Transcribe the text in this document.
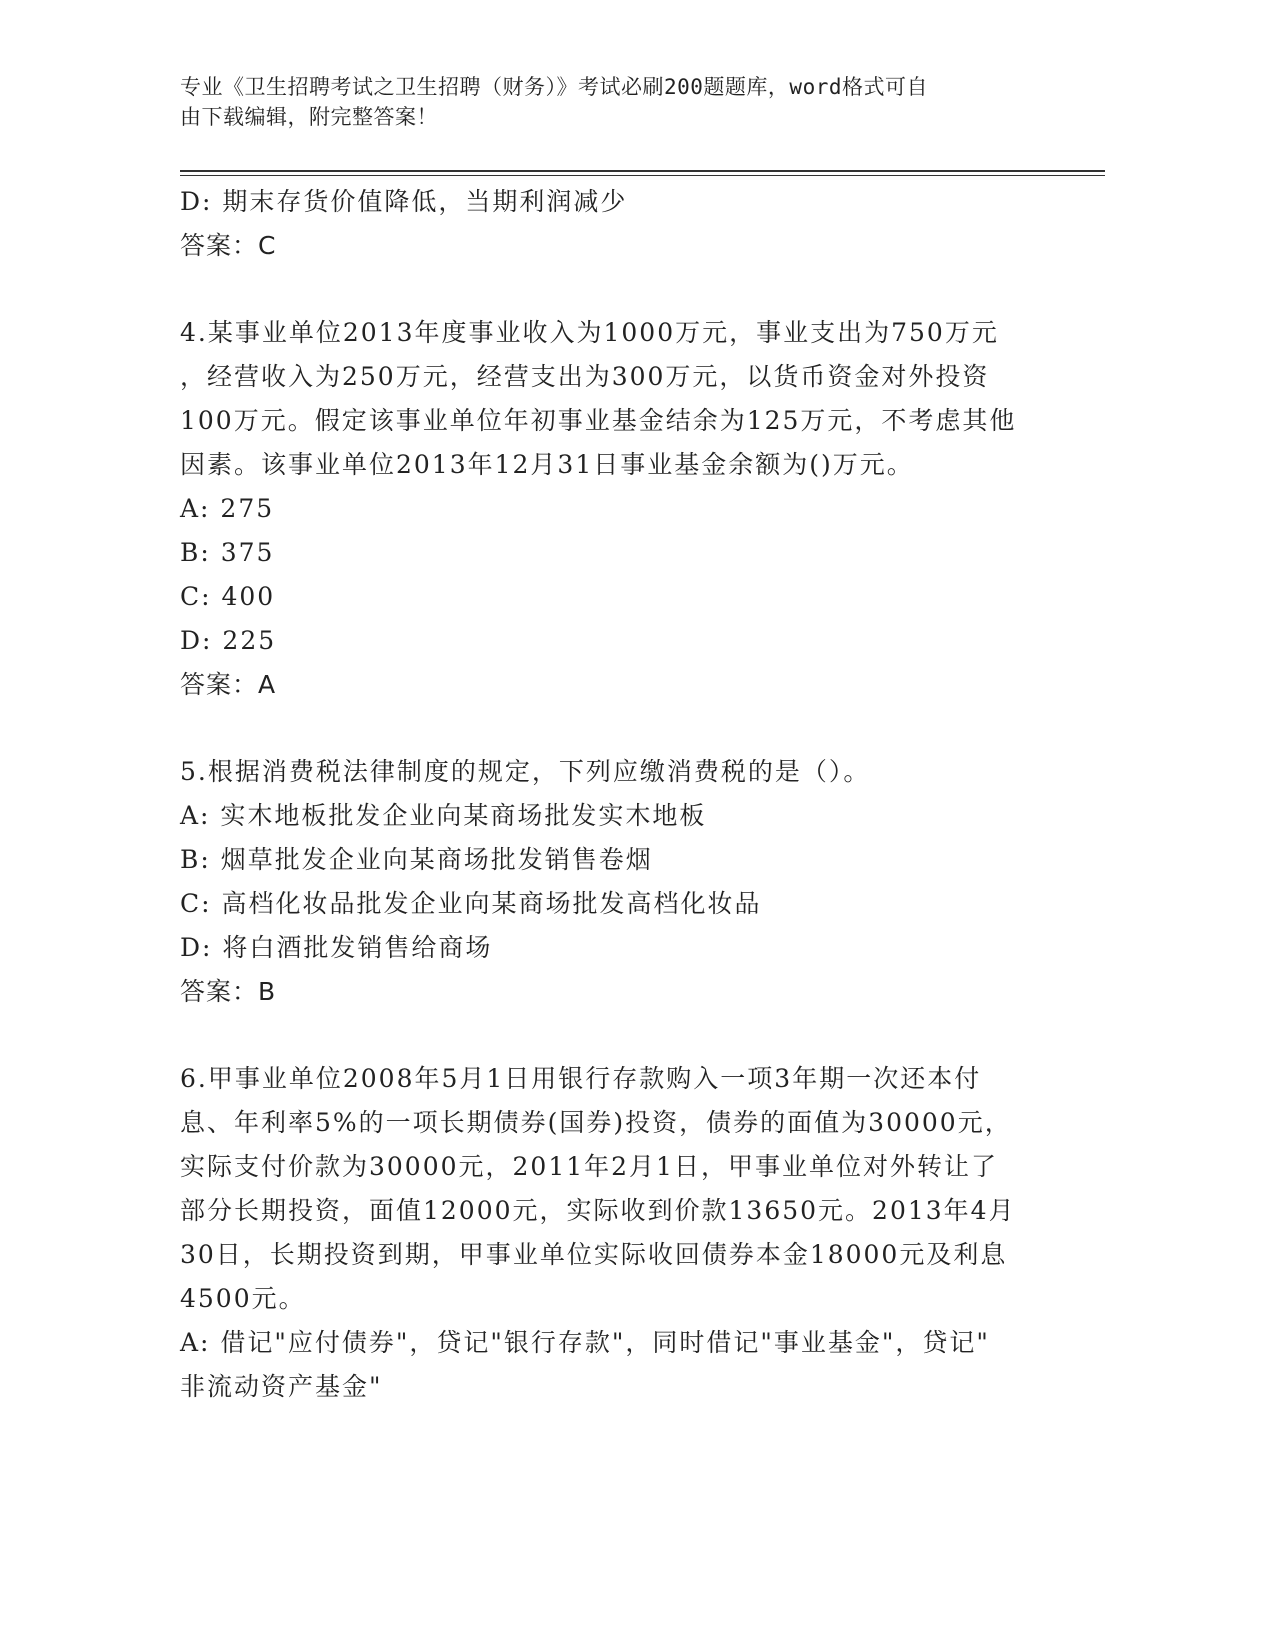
专业《卫生招聘考试之卫生招聘（财务）》考试必刷200题题库，word格式可自
由下载编辑，附完整答案！
D: 期末存货价值降低，当期利润减少
答案：C
4.某事业单位2013年度事业收入为1000万元，事业支出为750万元
，经营收入为250万元，经营支出为300万元，以货币资金对外投资
100万元。假定该事业单位年初事业基金结余为125万元，不考虑其他
因素。该事业单位2013年12月31日事业基金余额为()万元。
A: 275
B: 375
C: 400
D: 225
答案：A
5.根据消费税法律制度的规定，下列应缴消费税的是（）。
A: 实木地板批发企业向某商场批发实木地板
B: 烟草批发企业向某商场批发销售卷烟
C: 高档化妆品批发企业向某商场批发高档化妆品
D: 将白酒批发销售给商场
答案：B
6.甲事业单位2008年5月1日用银行存款购入一项3年期一次还本付
息、年利率5%的一项长期债券(国券)投资，债券的面值为30000元，
实际支付价款为30000元，2011年2月1日，甲事业单位对外转让了
部分长期投资，面值12000元，实际收到价款13650元。2013年4月
30日，长期投资到期，甲事业单位实际收回债券本金18000元及利息
4500元。
A: 借记"应付债券"，贷记"银行存款"，同时借记"事业基金"，贷记"
非流动资产基金"
